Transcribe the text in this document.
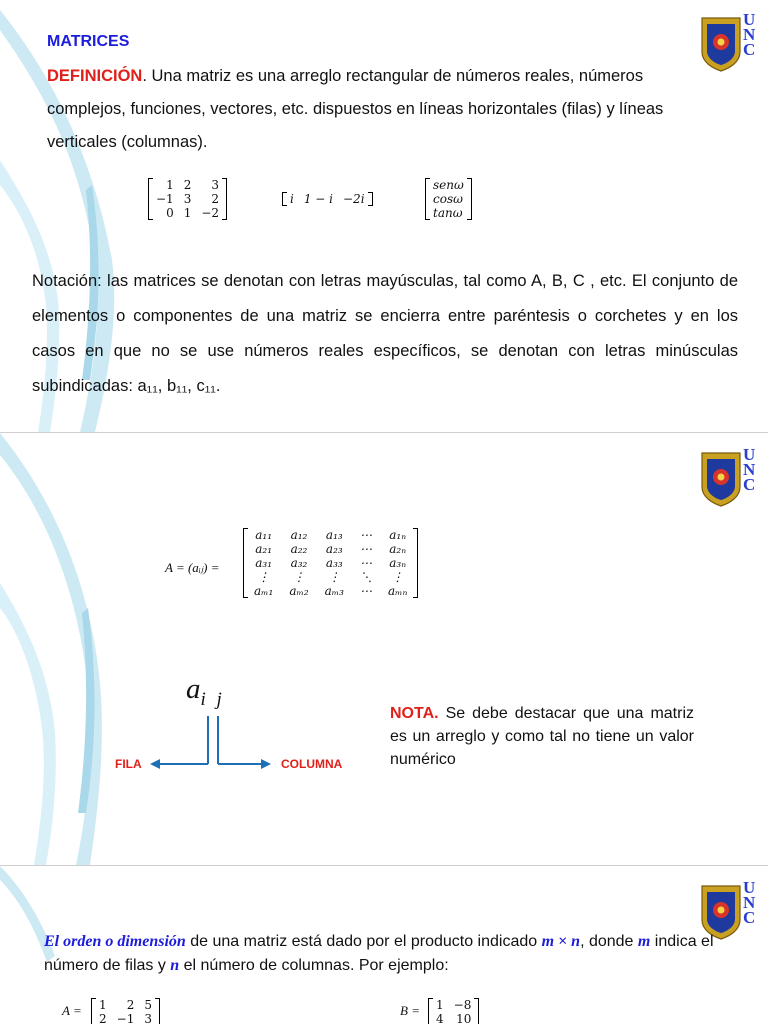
U
N
C
MATRICES
DEFINICIÓN. Una matriz es una arreglo rectangular de números reales, números complejos, funciones, vectores, etc. dispuestos en líneas horizontales (filas) y líneas verticales (columnas).
1	2	3
−1	3	2
0	1	−2
i	1 − i	−2i
senω
cosω
tanω
Notación: las matrices se denotan con letras mayúsculas, tal como A, B, C , etc. El conjunto de elementos o componentes de una matriz se encierra entre paréntesis o corchetes y en los casos en que no se use números reales específicos, se denotan con letras minúsculas subindicadas: a₁₁, b₁₁, c₁₁.
U
N
C
A = (aᵢⱼ) =
a₁₁	a₁₂	a₁₃	⋯	a₁ₙ
a₂₁	a₂₂	a₂₃	⋯	a₂ₙ
a₃₁	a₃₂	a₃₃	⋯	a₃ₙ
⋮	⋮	⋮	⋱	⋮
aₘ₁	aₘ₂	aₘ₃	⋯	aₘₙ
$a_{i j}$
FILA	COLUMNA
NOTA. Se debe destacar que una matriz es un arreglo y como tal no tiene un valor numérico
U
N
C
El orden o dimensión de una matriz está dado por el producto indicado m × n, donde m indica el número de filas y n el número de columnas. Por ejemplo:
A = 1	2	5
2	−1	3
B = 1	−8
4	10
